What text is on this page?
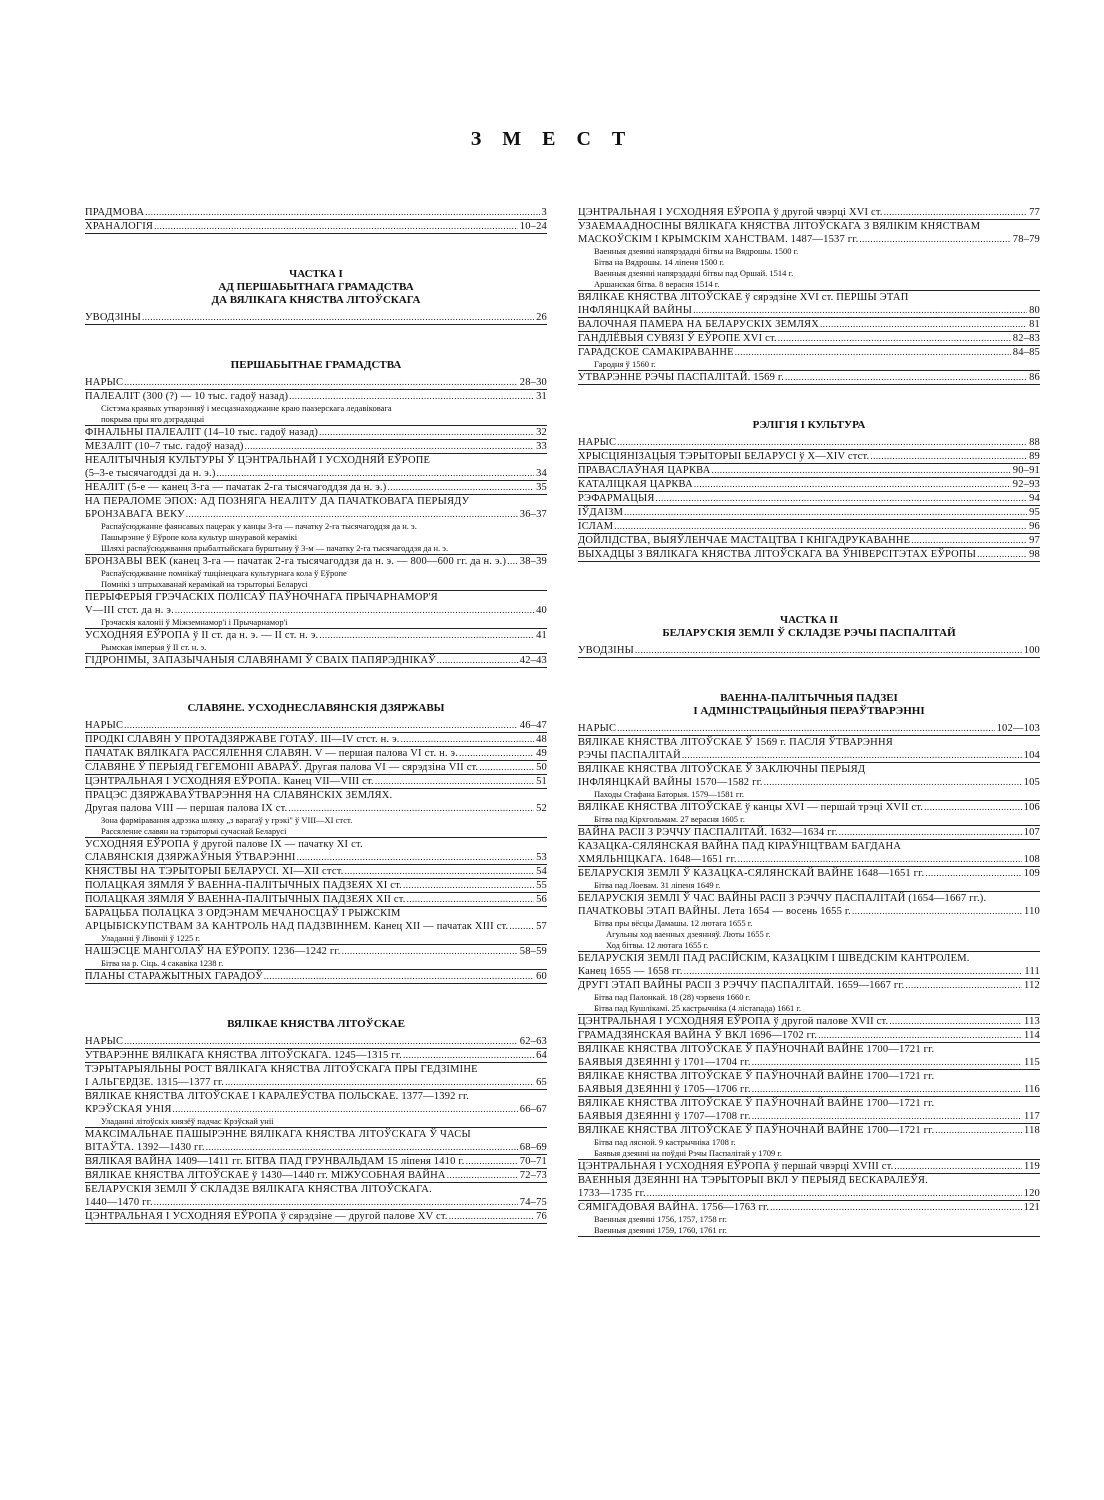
З М Е С Т
ПРАДМОВА .....	3
ХРАНАЛОГІЯ .....	10–24
ЧАСТКА І
АД ПЕРШАБЫТНАГА ГРАМАДСТВА
ДА ВЯЛІКАГА КНЯСТВА ЛІТОЎСКАГА
УВОДЗІНЫ .....	26
ПЕРШАБЫТНАЕ ГРАМАДСТВА
НАРЫС .....	28–30
ПАЛЕАЛІТ (300 (?) — 10 тыс. гадоў назад) .....	31
Сістэма краявых утварэнняў і месцазнаходжанне краю паазерскага ледавіковага
покрыва пры яго дэградацыі
ФІНАЛЬНЫ ПАЛЕАЛІТ (14–10 тыс. гадоў назад) .....	32
МЕЗАЛІТ (10–7 тыс. гадоў назад) .....	33
НЕАЛІТЫЧНЫЯ КУЛЬТУРЫ Ў ЦЭНТРАЛЬНАЙ І УСХОДНЯЙ ЕЎРОПЕ
(5–3-е тысячагоддзі да н. э.) .....	34
НЕАЛІТ (5-е — канец 3-га — пачатак 2-га тысячагоддзя да н. э.) .....	35
НА ПЕРАЛОМЕ ЭПОХ: АД ПОЗНЯГА НЕАЛІТУ ДА ПАЧАТКОВАГА ПЕРЫЯДУ
БРОНЗАВАГА ВЕКУ .....	36–37
Распаўсюджанне фаянсавых пацерак у канцы 3-га — пачатку 2-га тысячагоддзя да н. э.
Пашырэнне ў Еўропе кола культур шнуравой керамікі
Шляхі распаўсюджвання прыбалтыйскага бурштыну ў 3-м — пачатку 2-га тысячагоддзя да н. э.
БРОНЗАВЫ ВЕК (канец 3-га — пачатак 2-га тысячагоддзя да н. э. — 800—600 гг. да н. э.) ..... 38–39
Распаўсюджванне помнікаў тшцінецкага культурнага кола ў Еўропе
Помнікі з штрыхаванай керамікай на тэрыторыі Беларусі
ПЕРЫФЕРЫЯ ГРЭЧАСКІХ ПОЛІСАЎ ПАЎНОЧНАГА ПРЫЧАРНАМОР'Я
V—III стст. да н. э. .....	40
Грэчаскія калоніі ў Міжземнамор'і і Прычарнамор'і
УСХОДНЯЯ ЕЎРОПА ў II ст. да н. э. — II ст. н. э. .....	41
Рымская імперыя ў II ст. н. э.
ГІДРОНІМЫ, ЗАПАЗЫЧАНЫЯ СЛАВЯНАМІ Ў СВАІХ ПАПЯРЭДНІКАЎ .....	42–43
СЛАВЯНЕ. УСХОДНЕСЛАВЯНСКІЯ ДЗЯРЖАВЫ
НАРЫС .....	46–47
ПРОДКІ СЛАВЯН У ПРОТАДЗЯРЖАВЕ ГОТАЎ. III—IV стст. н. э. .....	48
ПАЧАТАК ВЯЛІКАГА РАССЯЛЕННЯ СЛАВЯН. V — першая палова VI ст. н. э. .....	49
СЛАВЯНЕ Ў ПЕРЫЯД ГЕГЕМОНІІ АВАРАЎ. Другая палова VI — сярэдзіна VII ст. .....	50
ЦЭНТРАЛЬНАЯ І УСХОДНЯЯ ЕЎРОПА. Канец VII—VIII ст. .....	51
ПРАЦЭС ДЗЯРЖАВАЎТВАРЭННЯ НА СЛАВЯНСКІХ ЗЕМЛЯХ.
Другая палова VIII — першая палова IX ст. .....	52
Зона фарміравання адрэзка шляху „з варагаў у грэкі" ў VIII—XI стст.
Рассяленне славян на тэрыторыі сучаснай Беларусі
УСХОДНЯЯ ЕЎРОПА ў другой палове IX — пачатку XI ст.
СЛАВЯНСКІЯ ДЗЯРЖАЎНЫЯ ЎТВАРЭННІ .....	53
КНЯСТВЫ НА ТЭРЫТОРЫІ БЕЛАРУСІ. XI—XII стст. .....	54
ПОЛАЦКАЯ ЗЯМЛЯ Ў ВАЕННА-ПАЛІТЫЧНЫХ ПАДЗЕЯХ XI ст. .....	55
ПОЛАЦКАЯ ЗЯМЛЯ Ў ВАЕННА-ПАЛІТЫЧНЫХ ПАДЗЕЯХ XII ст. .....	56
БАРАЦЬБА ПОЛАЦКА З ОРДЭНАМ МЕЧАНОСЦАЎ І РЫЖСКІМ
АРЦЫБІСКУПСТВАМ ЗА КАНТРОЛЬ НАД ПАДЗВІННЕМ. Канец XII — пачатак XIII ст. .....	57
Уладанні ў Лівоніі ў 1225 г.
НАШЭСЦЕ МАНГОЛАЎ НА ЕЎРОПУ. 1236—1242 гг. .....	58–59
Бітва на р. Сіць. 4 сакавіка 1238 г.
ПЛАНЫ СТАРАЖЫТНЫХ ГАРАДОЎ .....	60
ВЯЛІКАЕ КНЯСТВА ЛІТОЎСКАЕ
НАРЫС .....	62–63
УТВАРЭННЕ ВЯЛІКАГА КНЯСТВА ЛІТОЎСКАГА. 1245—1315 гг. .....	64
ТЭРЫТАРЫЯЛЬНЫ РОСТ ВЯЛІКАГА КНЯСТВА ЛІТОЎСКАГА ПРЫ ГЕДЗІМІНЕ
І АЛЬГЕРДЗЕ. 1315—1377 гг. .....	65
ВЯЛІКАЕ КНЯСТВА ЛІТОЎСКАЕ І КАРАЛЕЎСТВА ПОЛЬСКАЕ. 1377—1392 гг.
КРЭЎСКАЯ УНІЯ .....	66–67
Уладанні літоўскіх князёў падчас Крэўскай уніі
МАКСІМАЛЬНАЕ ПАШЫРЭННЕ ВЯЛІКАГА КНЯСТВА ЛІТОЎСКАГА Ў ЧАСЫ
ВІТАЎТА. 1392—1430 гг. .....	68–69
ВЯЛІКАЯ ВАЙНА 1409—1411 гг. БІТВА ПАД ГРУНВАЛЬДАМ 15 ліпеня 1410 г. .....	70–71
ВЯЛІКАЕ КНЯСТВА ЛІТОЎСКАЕ ў 1430—1440 гг. МІЖУСОБНАЯ ВАЙНА .....	72–73
БЕЛАРУСКІЯ ЗЕМЛІ Ў СКЛАДЗЕ ВЯЛІКАГА КНЯСТВА ЛІТОЎСКАГА.
1440—1470 гг. .....	74–75
ЦЭНТРАЛЬНАЯ І УСХОДНЯЯ ЕЎРОПА ў сярэдзіне — другой палове XV ст. .....	76
ЦЭНТРАЛЬНАЯ І УСХОДНЯЯ ЕЎРОПА ў другой чвэрці XVI ст. .....	77
УЗАЕМААДНОСІНЫ ВЯЛІКАГА КНЯСТВА ЛІТОЎСКАГА З ВЯЛІКІМ КНЯСТВАМ
МАСКОЎСКІМ І КРЫМСКІМ ХАНСТВАМ. 1487—1537 гг. .....	78–79
Ваенныя дзеянні напярэдадні бітвы на Вядрошы. 1500 г.
Бітва на Вядрошы. 14 ліпеня 1500 г.
Ваенныя дзеянні напярэдадні бітвы пад Оршай. 1514 г.
Аршанская бітва. 8 верасня 1514 г.
ВЯЛІКАЕ КНЯСТВА ЛІТОЎСКАЕ ў сярэдзіне XVI ст. ПЕРШЫ ЭТАП
ІНФЛЯНЦКАЙ ВАЙНЫ .....	80
ВАЛОЧНАЯ ПАМЕРА НА БЕЛАРУСКІХ ЗЕМЛЯХ .....	81
ГАНДЛЁВЫЯ СУВЯЗІ Ў ЕЎРОПЕ XVI ст. .....	82–83
ГАРАДСКОЕ САМАКІРАВАННЕ .....	84–85
Гародня ў 1560 г.
УТВАРЭННЕ РЭЧЫ ПАСПАЛІТАЙ. 1569 г. .....	86
РЭЛІГІЯ І КУЛЬТУРА
НАРЫС .....	88
ХРЫСЦІЯНІЗАЦЫЯ ТЭРЫТОРЫІ БЕЛАРУСІ ў X—XIV стст. .....	89
ПРАВАСЛАЎНАЯ ЦАРКВА .....	90–91
КАТАЛІЦКАЯ ЦАРКВА .....	92–93
РЭФАРМАЦЫЯ .....	94
ІЎДАІЗМ .....	95
ІСЛАМ .....	96
ДОЙЛІДСТВА, ВЫЯЎЛЕНЧАЕ МАСТАЦТВА І КНІГАДРУКАВАННЕ .....	97
ВЫХАДЦЫ З ВЯЛІКАГА КНЯСТВА ЛІТОЎСКАГА ВА ЎНІВЕРСІТЭТАХ ЕЎРОПЫ .....	98
ЧАСТКА ІІ
БЕЛАРУСКІЯ ЗЕМЛІ Ў СКЛАДЗЕ РЭЧЫ ПАСПАЛІТАЙ
УВОДЗІНЫ .....	100
ВАЕННА-ПАЛІТЫЧНЫЯ ПАДЗЕІ
І АДМІНІСТРАЦЫЙНЫЯ ПЕРАЎТВАРЭННІ
НАРЫС .....	102—103
ВЯЛІКАЕ КНЯСТВА ЛІТОЎСКАЕ Ў 1569 г. ПАСЛЯ ЎТВАРЭННЯ
РЭЧЫ ПАСПАЛІТАЙ .....	104
ВЯЛІКАЕ КНЯСТВА ЛІТОЎСКАЕ Ў ЗАКЛЮЧНЫ ПЕРЫЯД
ІНФЛЯНЦКАЙ ВАЙНЫ 1570—1582 гг. .....	105
Паходы Стафана Баторыя. 1579—1581 гг.
ВЯЛІКАЕ КНЯСТВА ЛІТОЎСКАЕ ў канцы XVI — першай трэці XVII ст. .....	106
Бітва пад Кірхгольмам. 27 верасня 1605 г.
ВАЙНА РАСІІ З РЭЧЧУ ПАСПАЛІТАЙ. 1632—1634 гг. .....	107
КАЗАЦКА-СЯЛЯНСКАЯ ВАЙНА ПАД КІРАЎНІЦТВАМ БАГДАНА
ХМЯЛЬНІЦКАГА. 1648—1651 гг. .....	108
БЕЛАРУСКІЯ ЗЕМЛІ Ў КАЗАЦКА-СЯЛЯНСКАЙ ВАЙНЕ 1648—1651 гг. .....	109
Бітва пад Лоевам. 31 ліпеня 1649 г.
БЕЛАРУСКІЯ ЗЕМЛІ Ў ЧАС ВАЙНЫ РАСІІ З РЭЧЧУ ПАСПАЛІТАЙ (1654—1667 гг.).
ПАЧАТКОВЫ ЭТАП ВАЙНЫ. Лета 1654 — восень 1655 г. .....	110
Бітва пры вёсцы Дамашы. 12 лютага 1655 г.
Агульны ход ваенных дзеянняў. Люты 1655 г.
Ход бітвы. 12 лютага 1655 г.
БЕЛАРУСКІЯ ЗЕМЛІ ПАД РАСІЙСКІМ, КАЗАЦКІМ І ШВЕДСКІМ КАНТРОЛЕМ.
Канец 1655 — 1658 гг. .....	111
ДРУГІ ЭТАП ВАЙНЫ РАСІІ З РЭЧЧУ ПАСПАЛІТАЙ. 1659—1667 гг. .....	112
Бітва пад Палонкай. 18 (28) чэрвеня 1660 г.
Бітва пад Кушлікамі. 25 кастрычніка (4 лістапада) 1661 г.
ЦЭНТРАЛЬНАЯ І УСХОДНЯЯ ЕЎРОПА ў другой палове XVII ст. .....	113
ГРАМАДЗЯНСКАЯ ВАЙНА Ў ВКЛ 1696—1702 гг. .....	114
ВЯЛІКАЕ КНЯСТВА ЛІТОЎСКАЕ Ў ПАЎНОЧНАЙ ВАЙНЕ 1700—1721 гг.
БАЯВЫЯ ДЗЕЯННІ ў 1701—1704 гг. .....	115
ВЯЛІКАЕ КНЯСТВА ЛІТОЎСКАЕ Ў ПАЎНОЧНАЙ ВАЙНЕ 1700—1721 гг.
БАЯВЫЯ ДЗЕЯННІ ў 1705—1706 гг. .....	116
ВЯЛІКАЕ КНЯСТВА ЛІТОЎСКАЕ Ў ПАЎНОЧНАЙ ВАЙНЕ 1700—1721 гг.
БАЯВЫЯ ДЗЕЯННІ ў 1707—1708 гг. .....	117
ВЯЛІКАЕ КНЯСТВА ЛІТОЎСКАЕ Ў ПАЎНОЧНАЙ ВАЙНЕ 1700—1721 гг. .....	118
Бітва пад лясной. 9 кастрычніка 1708 г.
Баявыя дзеянні на поўдні Рэчы Паспалітай у 1709 г.
ЦЭНТРАЛЬНАЯ І УСХОДНЯЯ ЕЎРОПА ў першай чвэрці XVIII ст. .....	119
ВАЕННЫЯ ДЗЕЯННІ НА ТЭРЫТОРЫІ ВКЛ У ПЕРЫЯД БЕСКАРАЛЕЎЯ.
1733—1735 гг. .....	120
СЯМІГАДОВАЯ ВАЙНА. 1756—1763 гг. .....	121
Ваенныя дзеянні 1756, 1757, 1758 гг.
Ваенныя дзеянні 1759, 1760, 1761 гг.
